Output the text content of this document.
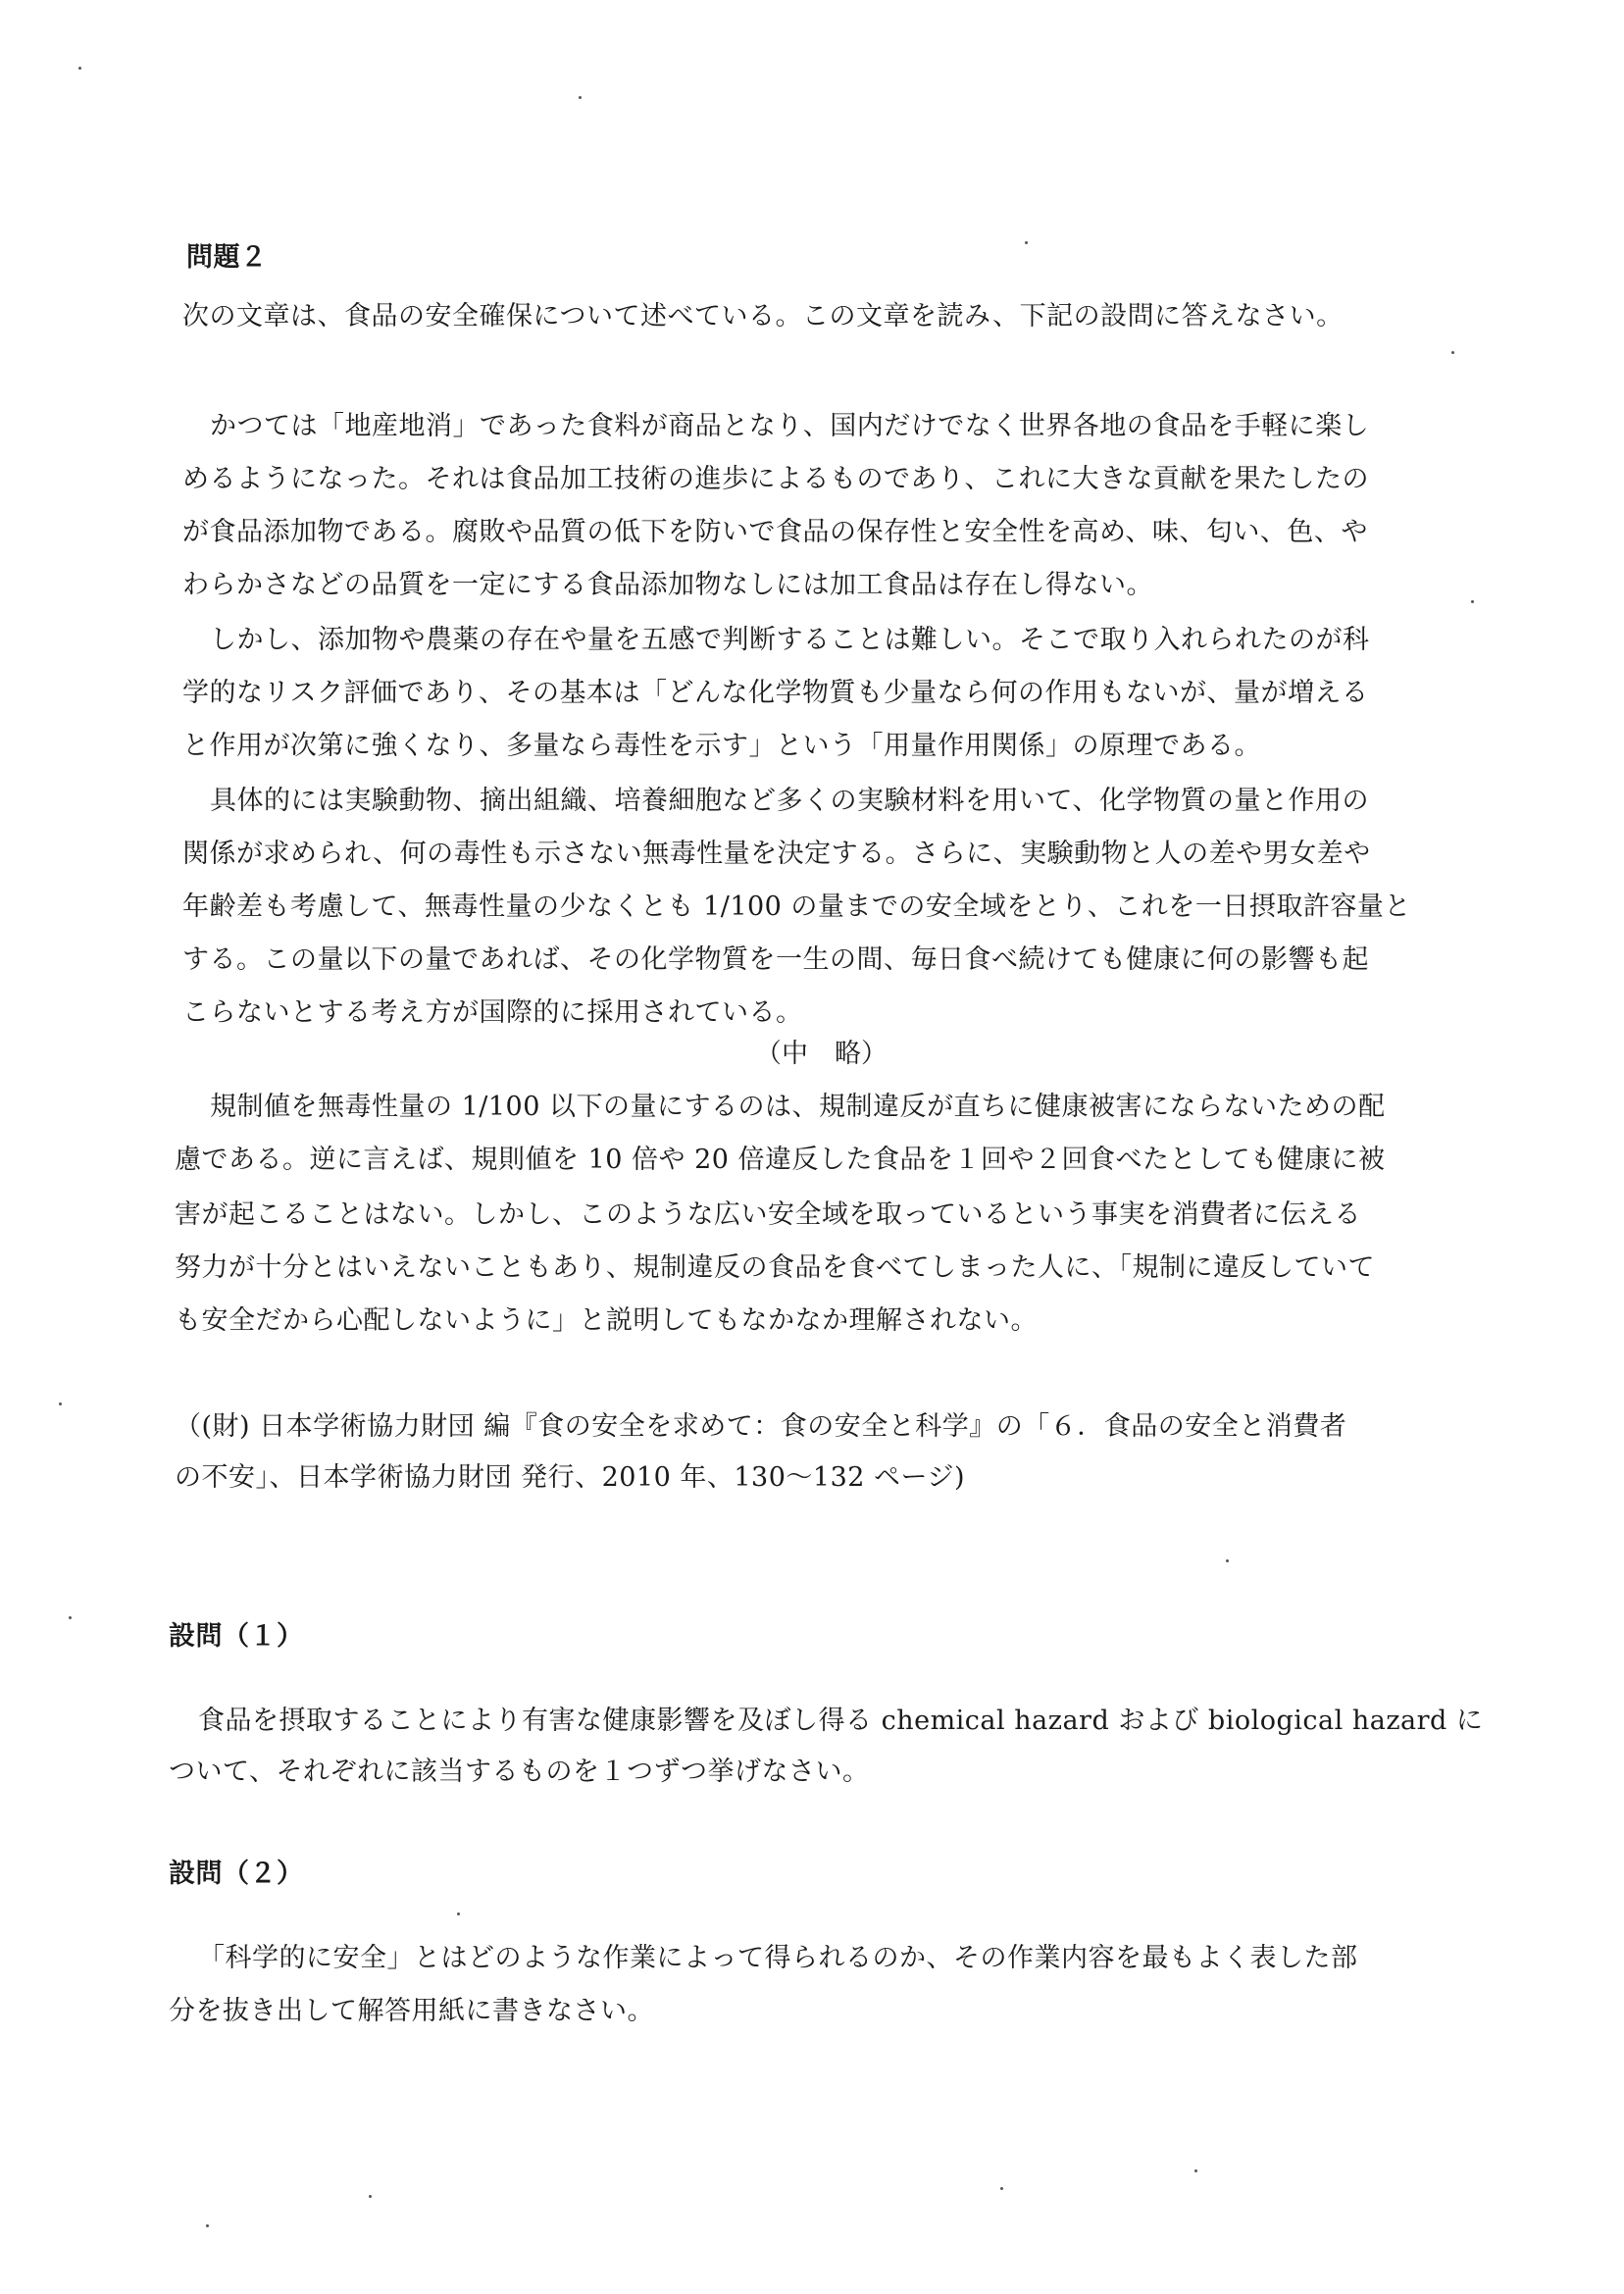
問題２
次の文章は、食品の安全確保について述べている。この文章を読み、下記の設問に答えなさい。
かつては「地産地消」であった食料が商品となり、国内だけでなく世界各地の食品を手軽に楽し
めるようになった。それは食品加工技術の進歩によるものであり、これに大きな貢献を果たしたの
が食品添加物である。腐敗や品質の低下を防いで食品の保存性と安全性を高め、味、匂い、色、や
わらかさなどの品質を一定にする食品添加物なしには加工食品は存在し得ない。
しかし、添加物や農薬の存在や量を五感で判断することは難しい。そこで取り入れられたのが科
学的なリスク評価であり、その基本は「どんな化学物質も少量なら何の作用もないが、量が増える
と作用が次第に強くなり、多量なら毒性を示す」という「用量作用関係」の原理である。
具体的には実験動物、摘出組織、培養細胞など多くの実験材料を用いて、化学物質の量と作用の
関係が求められ、何の毒性も示さない無毒性量を決定する。さらに、実験動物と人の差や男女差や
年齢差も考慮して、無毒性量の少なくとも 1/100 の量までの安全域をとり、これを一日摂取許容量と
する。この量以下の量であれば、その化学物質を一生の間、毎日食べ続けても健康に何の影響も起
こらないとする考え方が国際的に採用されている。
（中　略）
規制値を無毒性量の 1/100 以下の量にするのは、規制違反が直ちに健康被害にならないための配
慮である。逆に言えば、規則値を 10 倍や 20 倍違反した食品を１回や２回食べたとしても健康に被
害が起こることはない。しかし、このような広い安全域を取っているという事実を消費者に伝える
努力が十分とはいえないこともあり、規制違反の食品を食べてしまった人に、「規制に違反していて
も安全だから心配しないように」と説明してもなかなか理解されない。
（(財) 日本学術協力財団 編『食の安全を求めて：食の安全と科学』の「６．食品の安全と消費者
の不安」、日本学術協力財団 発行、2010 年、130～132 ページ)
設問（１）
食品を摂取することにより有害な健康影響を及ぼし得る chemical hazard および biological hazard に
ついて、それぞれに該当するものを１つずつ挙げなさい。
設問（２）
「科学的に安全」とはどのような作業によって得られるのか、その作業内容を最もよく表した部
分を抜き出して解答用紙に書きなさい。
